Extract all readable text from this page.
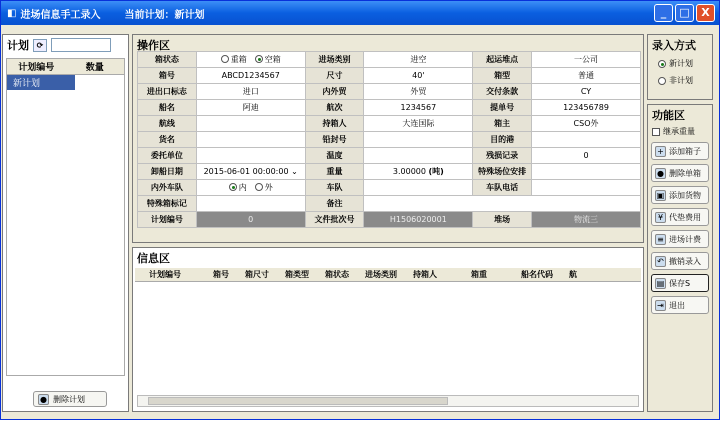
◧ 进场信息手工录入 当前计划：新计划	_	□	X
计划 ⟳
计划编号	数量
新计划
● 删除计划
操作区
箱状态	重箱 空箱	进场类别	进空	起运堆点	一公司
箱号	ABCD1234567	尺寸	40'	箱型	普通
进出口标志	进口	内外贸	外贸	交付条款	CY
船名	阿迪	航次	1234567	提单号	123456789
航线		持箱人	大连国际	箱主	CSO外
货名		铅封号		目的港	
委托单位		温度		残损记录	0
卸船日期	2015-06-01 00:00:00 ⌄	重量	3.00000 (吨)	特殊场位安排	
内外车队	内 外	车队		车队电话	
特殊箱标记		备注			
计划编号	0	文件批次号	H1506020001	堆场	物流三
信息区
计划编号	箱号	箱尺寸	箱类型	箱状态	进场类别	持箱人	箱重	船名代码	航
录入方式
新计划
非计划
功能区
继承重量
+ 添加箱子
● 删除单箱
▣ 添加货物
¥ 代垫费用
≡ 进场计费
↶ 撤销录入
▤ 保存S
⇥ 退出
